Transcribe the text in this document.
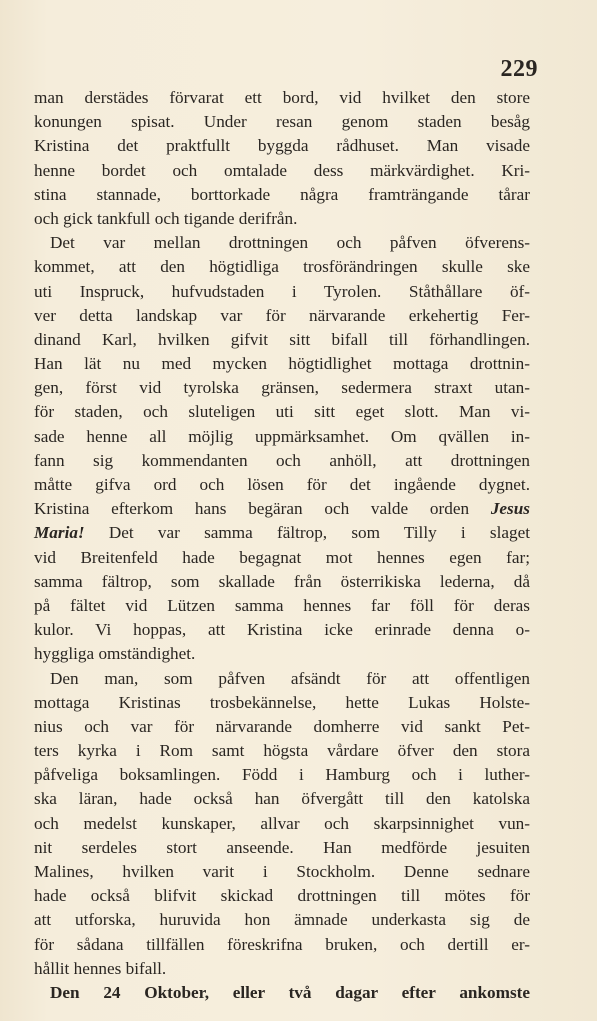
229
man derstädes förvarat ett bord, vid hvilket den store
konungen spisat. Under resan genom staden besåg
Kristina det praktfullt byggda rådhuset. Man visade
henne bordet och omtalade dess märkvärdighet. Kri-
stina stannade, borttorkade några framträngande tårar
och gick tankfull och tigande derifrån.
Det var mellan drottningen och påfven öfverens-
kommet, att den högtidliga trosförändringen skulle ske
uti Inspruck, hufvudstaden i Tyrolen. Ståthållare öf-
ver detta landskap var för närvarande erkehertig Fer-
dinand Karl, hvilken gifvit sitt bifall till förhandlingen.
Han lät nu med mycken högtidlighet mottaga drottnin-
gen, först vid tyrolska gränsen, sedermera straxt utan-
för staden, och sluteligen uti sitt eget slott. Man vi-
sade henne all möjlig uppmärksamhet. Om qvällen in-
fann sig kommendanten och anhöll, att drottningen
måtte gifva ord och lösen för det ingående dygnet.
Kristina efterkom hans begäran och valde orden Jesus
Maria! Det var samma fältrop, som Tilly i slaget
vid Breitenfeld hade begagnat mot hennes egen far;
samma fältrop, som skallade från österrikiska lederna, då
på fältet vid Lützen samma hennes far föll för deras
kulor. Vi hoppas, att Kristina icke erinrade denna o-
hyggliga omständighet.
Den man, som påfven afsändt för att offentligen
mottaga Kristinas trosbekännelse, hette Lukas Holste-
nius och var för närvarande domherre vid sankt Pet-
ters kyrka i Rom samt högsta vårdare öfver den stora
påfveliga boksamlingen. Född i Hamburg och i luther-
ska läran, hade också han öfvergått till den katolska
och medelst kunskaper, allvar och skarpsinnighet vun-
nit serdeles stort anseende. Han medförde jesuiten
Malines, hvilken varit i Stockholm. Denne sednare
hade också blifvit skickad drottningen till mötes för
att utforska, huruvida hon ämnade underkasta sig de
för sådana tillfällen föreskrifna bruken, och dertill er-
hållit hennes bifall.
Den 24 Oktober, eller två dagar efter ankomste
